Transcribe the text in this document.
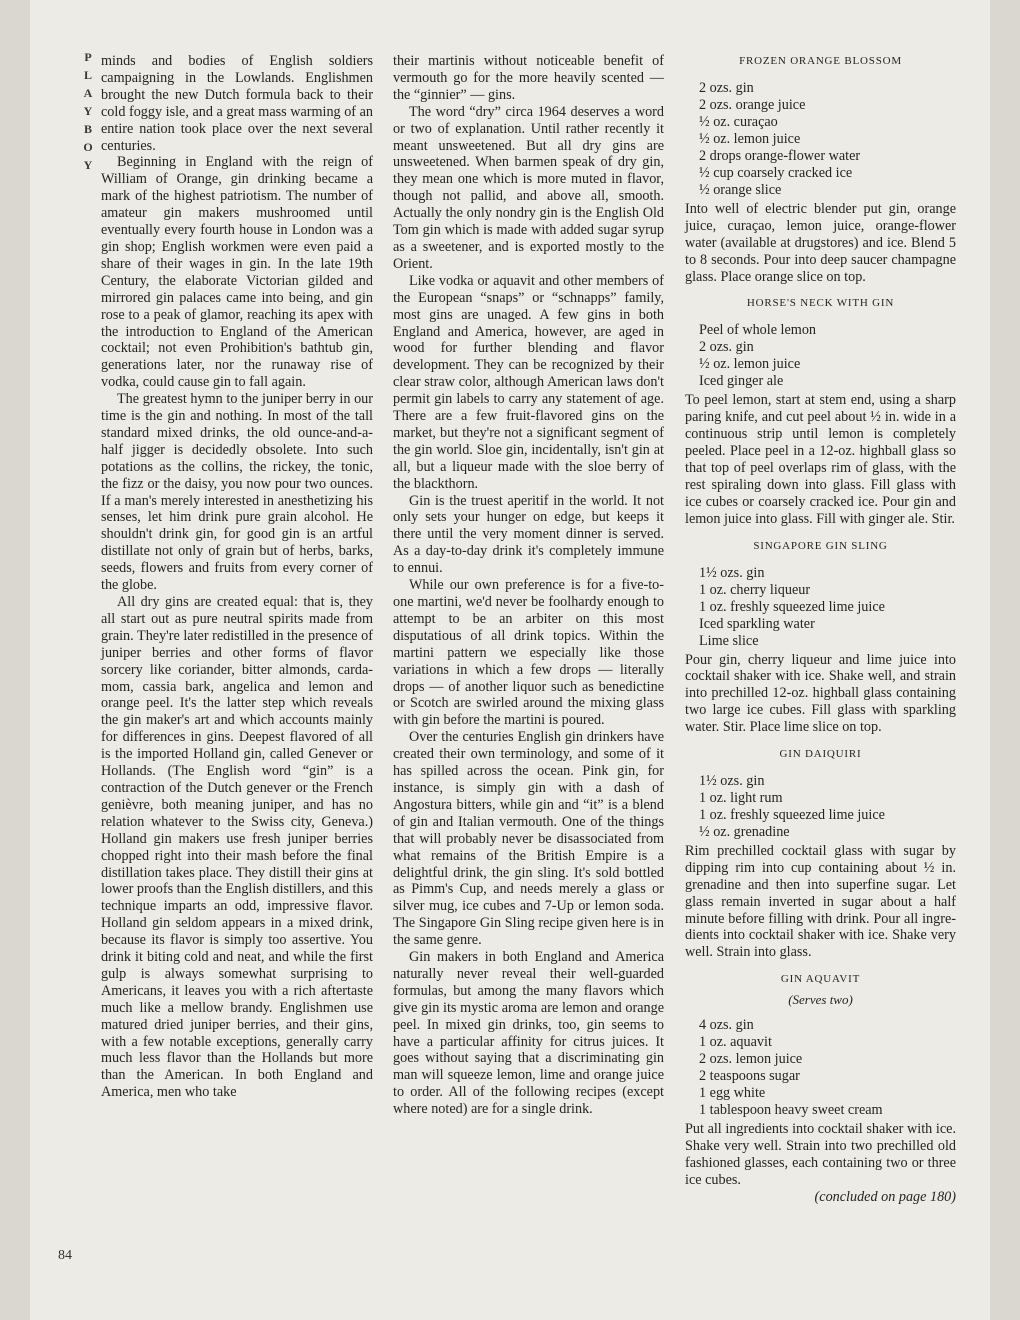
P
L
A
Y
B
O
Y
84

minds and bodies of English soldiers campaigning in the Lowlands. Englishmen brought the new Dutch formula back to their cold foggy isle, and a great mass warming of an entire nation took place over the next several centuries.

Beginning in England with the reign of William of Orange, gin drinking became a mark of the highest patriotism. The number of amateur gin makers mushroomed until eventually every fourth house in London was a gin shop; English workmen were even paid a share of their wages in gin. In the late 19th Century, the elaborate Victorian gilded and mirrored gin palaces came into being, and gin rose to a peak of glamor, reaching its apex with the introduction to England of the American cocktail; not even Prohibition's bathtub gin, generations later, nor the runaway rise of vodka, could cause gin to fall again.

The greatest hymn to the juniper berry in our time is the gin and nothing. In most of the tall standard mixed drinks, the old ounce-and-a-half jigger is decidedly obsolete. Into such potations as the collins, the rickey, the tonic, the fizz or the daisy, you now pour two ounces. If a man's merely interested in anesthetizing his senses, let him drink pure grain alcohol. He shouldn't drink gin, for good gin is an artful distillate not only of grain but of herbs, barks, seeds, flowers and fruits from every corner of the globe.

All dry gins are created equal: that is, they all start out as pure neutral spirits made from grain. They're later redistilled in the presence of juniper berries and other forms of flavor sorcery like coriander, bitter almonds, cardamom, cassia bark, angelica and lemon and orange peel. It's the latter step which reveals the gin maker's art and which accounts mainly for differences in gins. Deepest flavored of all is the imported Holland gin, called Genever or Hollands. (The English word “gin” is a contraction of the Dutch genever or the French genièvre, both meaning juniper, and has no relation whatever to the Swiss city, Geneva.) Holland gin makers use fresh juniper berries chopped right into their mash before the final distillation takes place. They distill their gins at lower proofs than the English distillers, and this technique imparts an odd, impressive flavor. Holland gin seldom appears in a mixed drink, because its flavor is simply too assertive. You drink it biting cold and neat, and while the first gulp is always somewhat surprising to Americans, it leaves you with a rich aftertaste much like a mellow brandy. Englishmen use matured dried juniper berries, and their gins, with a few notable exceptions, generally carry much less flavor than the Hollands but more than the American. In both England and America, men who take

their martinis without noticeable benefit of vermouth go for the more heavily scented — the “ginnier” — gins.

The word “dry” circa 1964 deserves a word or two of explanation. Until rather recently it meant unsweetened. But all dry gins are unsweetened. When barmen speak of dry gin, they mean one which is more muted in flavor, though not pallid, and above all, smooth. Actually the only nondry gin is the English Old Tom gin which is made with added sugar syrup as a sweetener, and is exported mostly to the Orient.

Like vodka or aquavit and other members of the European “snaps” or “schnapps” family, most gins are unaged. A few gins in both England and America, however, are aged in wood for further blending and flavor development. They can be recognized by their clear straw color, although American laws don't permit gin labels to carry any statement of age. There are a few fruit-flavored gins on the market, but they're not a significant segment of the gin world. Sloe gin, incidentally, isn't gin at all, but a liqueur made with the sloe berry of the blackthorn.

Gin is the truest aperitif in the world. It not only sets your hunger on edge, but keeps it there until the very moment dinner is served. As a day-to-day drink it's completely immune to ennui.

While our own preference is for a five-to-one martini, we'd never be foolhardy enough to attempt to be an arbiter on this most disputatious of all drink topics. Within the martini pattern we especially like those variations in which a few drops — literally drops — of another liquor such as benedictine or Scotch are swirled around the mixing glass with gin before the martini is poured.

Over the centuries English gin drinkers have created their own terminology, and some of it has spilled across the ocean. Pink gin, for instance, is simply gin with a dash of Angostura bitters, while gin and “it” is a blend of gin and Italian vermouth. One of the things that will probably never be disassociated from what remains of the British Empire is a delightful drink, the gin sling. It's sold bottled as Pimm's Cup, and needs merely a glass or silver mug, ice cubes and 7-Up or lemon soda. The Singapore Gin Sling recipe given here is in the same genre.

Gin makers in both England and America naturally never reveal their well-guarded formulas, but among the many flavors which give gin its mystic aroma are lemon and orange peel. In mixed gin drinks, too, gin seems to have a particular affinity for citrus juices. It goes without saying that a discriminating gin man will squeeze lemon, lime and orange juice to order. All of the following recipes (except where noted) are for a single drink.

FROZEN ORANGE BLOSSOM
2 ozs. gin
2 ozs. orange juice
½ oz. curaçao
½ oz. lemon juice
2 drops orange-flower water
½ cup coarsely cracked ice
½ orange slice

Into well of electric blender put gin, orange juice, curaçao, lemon juice, orange-flower water (available at drugstores) and ice. Blend 5 to 8 seconds. Pour into deep saucer champagne glass. Place orange slice on top.

HORSE'S NECK WITH GIN
Peel of whole lemon
2 ozs. gin
½ oz. lemon juice
Iced ginger ale

To peel lemon, start at stem end, using a sharp paring knife, and cut peel about ½ in. wide in a continuous strip until lemon is completely peeled. Place peel in a 12-oz. highball glass so that top of peel overlaps rim of glass, with the rest spiraling down into glass. Fill glass with ice cubes or coarsely cracked ice. Pour gin and lemon juice into glass. Fill with ginger ale. Stir.

SINGAPORE GIN SLING
1½ ozs. gin
1 oz. cherry liqueur
1 oz. freshly squeezed lime juice
Iced sparkling water
Lime slice

Pour gin, cherry liqueur and lime juice into cocktail shaker with ice. Shake well, and strain into prechilled 12-oz. highball glass containing two large ice cubes. Fill glass with sparkling water. Stir. Place lime slice on top.

GIN DAIQUIRI
1½ ozs. gin
1 oz. light rum
1 oz. freshly squeezed lime juice
½ oz. grenadine

Rim prechilled cocktail glass with sugar by dipping rim into cup containing about ½ in. grenadine and then into superfine sugar. Let glass remain inverted in sugar about a half minute before filling with drink. Pour all ingredients into cocktail shaker with ice. Shake very well. Strain into glass.

GIN AQUAVIT
(Serves two)
4 ozs. gin
1 oz. aquavit
2 ozs. lemon juice
2 teaspoons sugar
1 egg white
1 tablespoon heavy sweet cream

Put all ingredients into cocktail shaker with ice. Shake very well. Strain into two prechilled old fashioned glasses, each containing two or three ice cubes.

(concluded on page 180)
